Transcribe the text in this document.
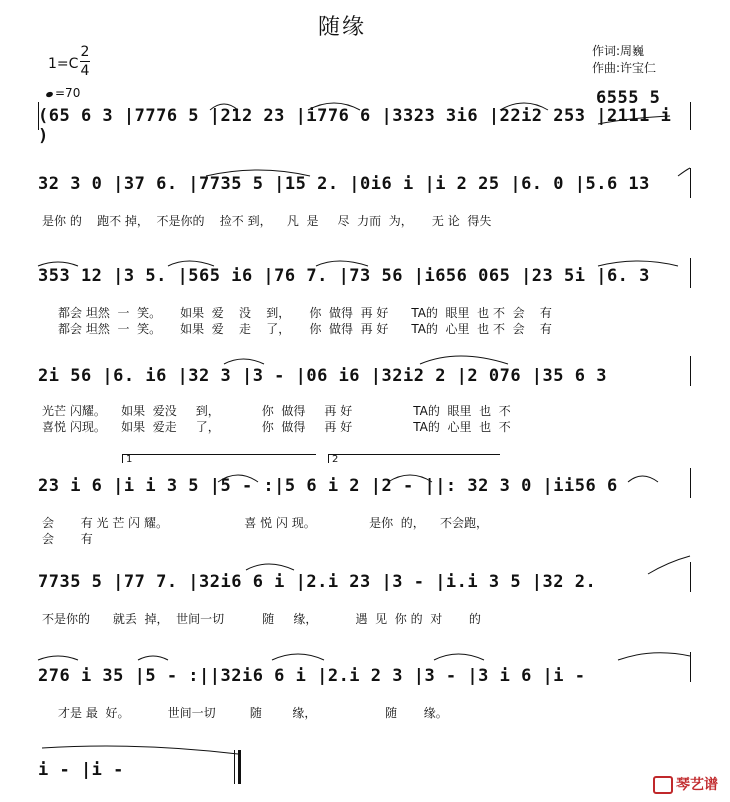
随缘
作词:周巍
作曲:许宝仁
1=C
2
4
=70
(65 6 3 |7776 5 |212 23 |i776 6 |3323 3i6 |22i2 253 |2111 i )
6555 5
32 3 0 |37 6. |7735 5 |15 2. |0i6 i |i 2 25 |6. 0 |5.6 13
是你 的    跑不 掉，  不是你的    捡不 到，    凡  是     尽  力而  为，     无 论  得失
353 12 |3 5. |565 i6 |76 7. |73 56 |i656 065 |23 5i |6. 3
都会 坦然  一  笑。     如果  爱    没    到，     你  做得  再 好      TA的  眼里  也 不  会    有
都会 坦然  一  笑。     如果  爱    走    了，     你  做得  再 好      TA的  心里  也 不  会    有
2i 56 |6. i6 |32 3 |3 - |06 i6 |32i2 2 |2 076 |35 6 3
光芒 闪耀。    如果  爱没     到，           你  做得     再 好                TA的  眼里  也  不
喜悦 闪现。    如果  爱走     了，           你  做得     再 好                TA的  心里  也  不
1	2
23 i 6 |i i 3 5 |5 - :|5 6 i 2 |2 - ||: 32 3 0 |ii56 6
会       有 光 芒 闪 耀。                    喜 悦 闪 现。              是你  的，    不会跑，
会       有
7735 5 |77 7. |32i6 6 i |2.i 23 |3 - |i.i 3 5 |32 2.
不是你的      就丢  掉，  世间一切          随     缘，          遇  见  你 的  对       的
276 i 35 |5 - :||32i6 6 i |2.i 2 3 |3 - |3 i 6 |i -
才是 最  好。          世间一切         随        缘，                  随       缘。
i - |i -
琴艺谱
